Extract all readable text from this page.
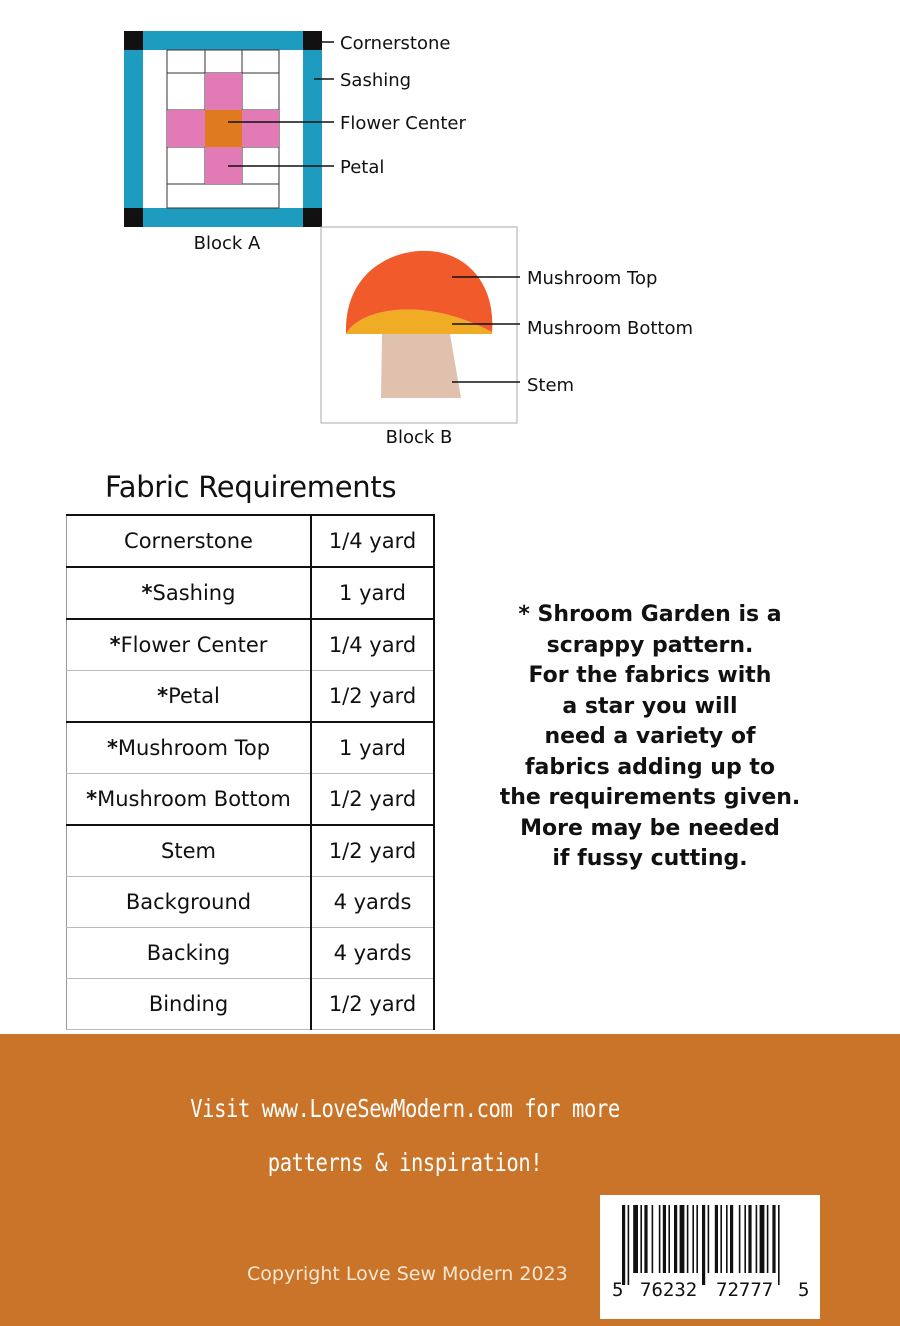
Cornerstone
Sashing
Flower Center
Petal
Block A
Mushroom Top
Mushroom Bottom
Stem
Block B
Fabric Requirements
Cornerstone	1/4 yard
*Sashing	1 yard
*Flower Center	1/4 yard
*Petal	1/2 yard
*Mushroom Top	1 yard
*Mushroom Bottom	1/2 yard
Stem	1/2 yard
Background	4 yards
Backing	4 yards
Binding	1/2 yard
* Shroom Garden is a
scrappy pattern.
For the fabrics with
a star you will
need a variety of
fabrics adding up to
the requirements given.
More may be needed
if fussy cutting.
Visit www.LoveSewModern.com for more
patterns & inspiration!
Copyright Love Sew Modern 2023
5 76232 72777 5
